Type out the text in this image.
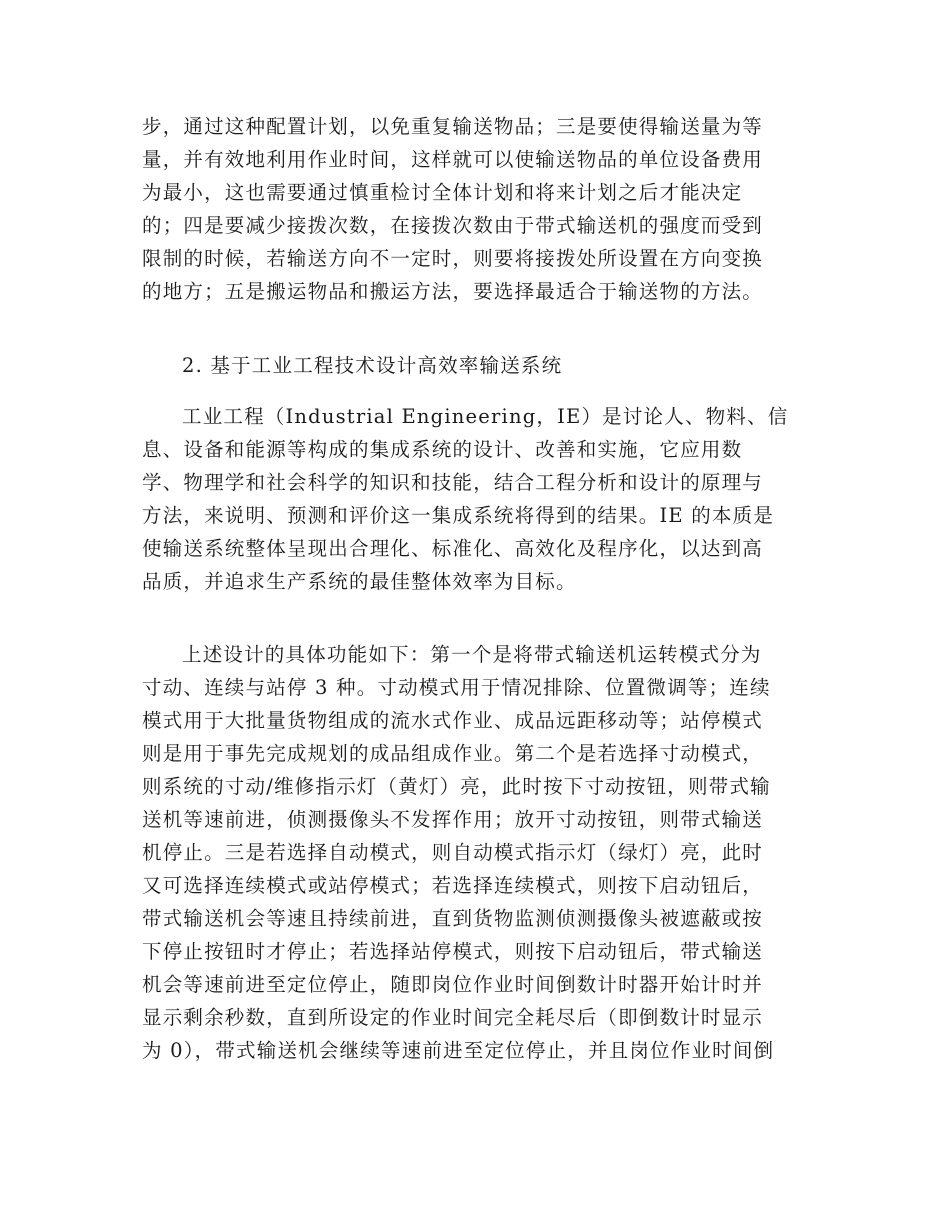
步，通过这种配置计划，以免重复输送物品；三是要使得输送量为等
量，并有效地利用作业时间，这样就可以使输送物品的单位设备费用
为最小，这也需要通过慎重检讨全体计划和将来计划之后才能决定
的；四是要减少接拨次数，在接拨次数由于带式输送机的强度而受到
限制的时候，若输送方向不一定时，则要将接拨处所设置在方向变换
的地方；五是搬运物品和搬运方法，要选择最适合于输送物的方法。
2. 基于工业工程技术设计高效率输送系统
工业工程（Industrial Engineering，IE）是讨论人、物料、信
息、设备和能源等构成的集成系统的设计、改善和实施，它应用数
学、物理学和社会科学的知识和技能，结合工程分析和设计的原理与
方法，来说明、预测和评价这一集成系统将得到的结果。IE 的本质是
使输送系统整体呈现出合理化、标准化、高效化及程序化，以达到高
品质，并追求生产系统的最佳整体效率为目标。
上述设计的具体功能如下：第一个是将带式输送机运转模式分为
寸动、连续与站停 3 种。寸动模式用于情况排除、位置微调等；连续
模式用于大批量货物组成的流水式作业、成品远距移动等；站停模式
则是用于事先完成规划的成品组成作业。第二个是若选择寸动模式，
则系统的寸动/维修指示灯（黄灯）亮，此时按下寸动按钮，则带式输
送机等速前进，侦测摄像头不发挥作用；放开寸动按钮，则带式输送
机停止。三是若选择自动模式，则自动模式指示灯（绿灯）亮，此时
又可选择连续模式或站停模式；若选择连续模式，则按下启动钮后，
带式输送机会等速且持续前进，直到货物监测侦测摄像头被遮蔽或按
下停止按钮时才停止；若选择站停模式，则按下启动钮后，带式输送
机会等速前进至定位停止，随即岗位作业时间倒数计时器开始计时并
显示剩余秒数，直到所设定的作业时间完全耗尽后（即倒数计时显示
为 0），带式输送机会继续等速前进至定位停止，并且岗位作业时间倒
